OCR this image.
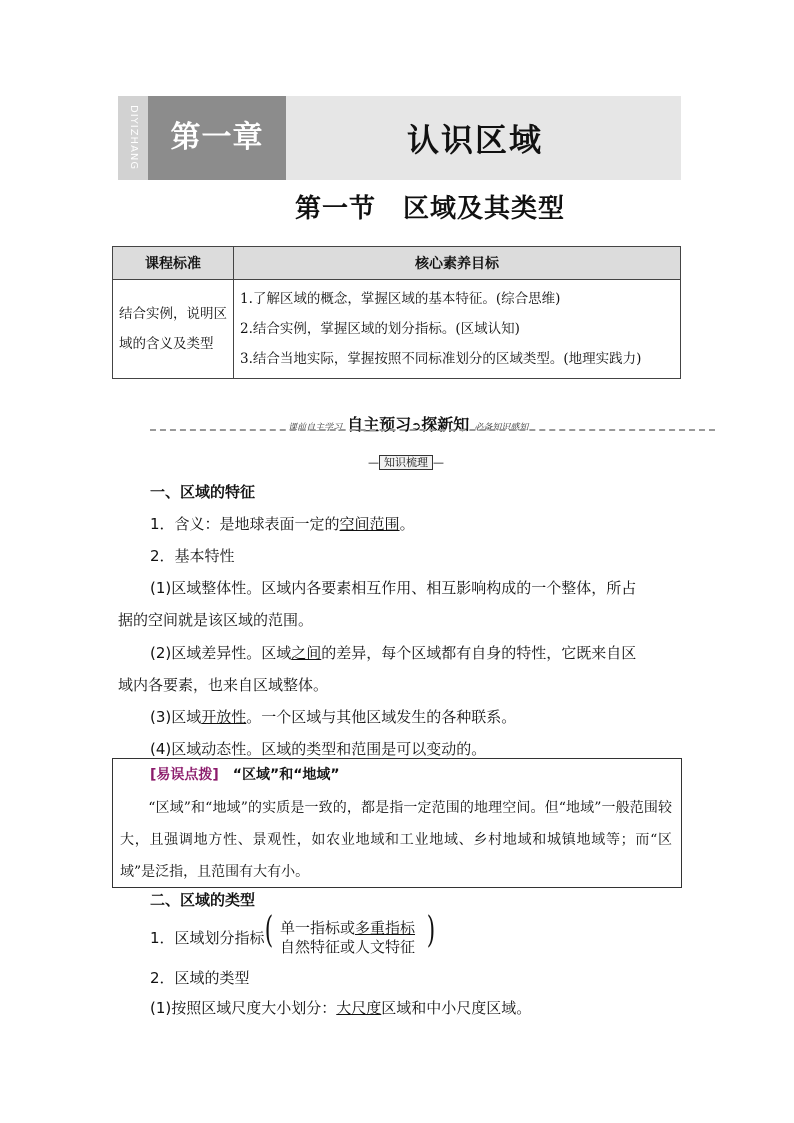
DIYIZHANG	第一章	认识区域
第一节　区域及其类型
课程标准	核心素养目标
结合实例，说明区域的含义及类型	1.了解区域的概念，掌握区域的基本特征。(综合思维)
2.结合实例，掌握区域的划分指标。(区域认知)
3.结合当地实际，掌握按照不同标准划分的区域类型。(地理实践力)
课前自主学习 自主预习➲探新知 必备知识感知
— 知识梳理 —
一、区域的特征
1．含义：是地球表面一定的空间范围。
2．基本特性
(1)区域整体性。区域内各要素相互作用、相互影响构成的一个整体，所占
据的空间就是该区域的范围。
(2)区域差异性。区域之间的差异，每个区域都有自身的特性，它既来自区
域内各要素，也来自区域整体。
(3)区域开放性。一个区域与其他区域发生的各种联系。
(4)区域动态性。区域的类型和范围是可以变动的。
[易误点拨]　 “区域”和“地域”
　　“区域”和“地域”的实质是一致的，都是指一定范围的地理空间。但“地域”一般范围较大，且强调地方性、景观性，如农业地域和工业地域、乡村地域和城镇地域等；而“区域”是泛指，且范围有大有小。
二、区域的类型
1．区域划分指标 ( 单一指标或多重指标
自然特征或人文特征 )
2．区域的类型
(1)按照区域尺度大小划分：大尺度区域和中小尺度区域。
